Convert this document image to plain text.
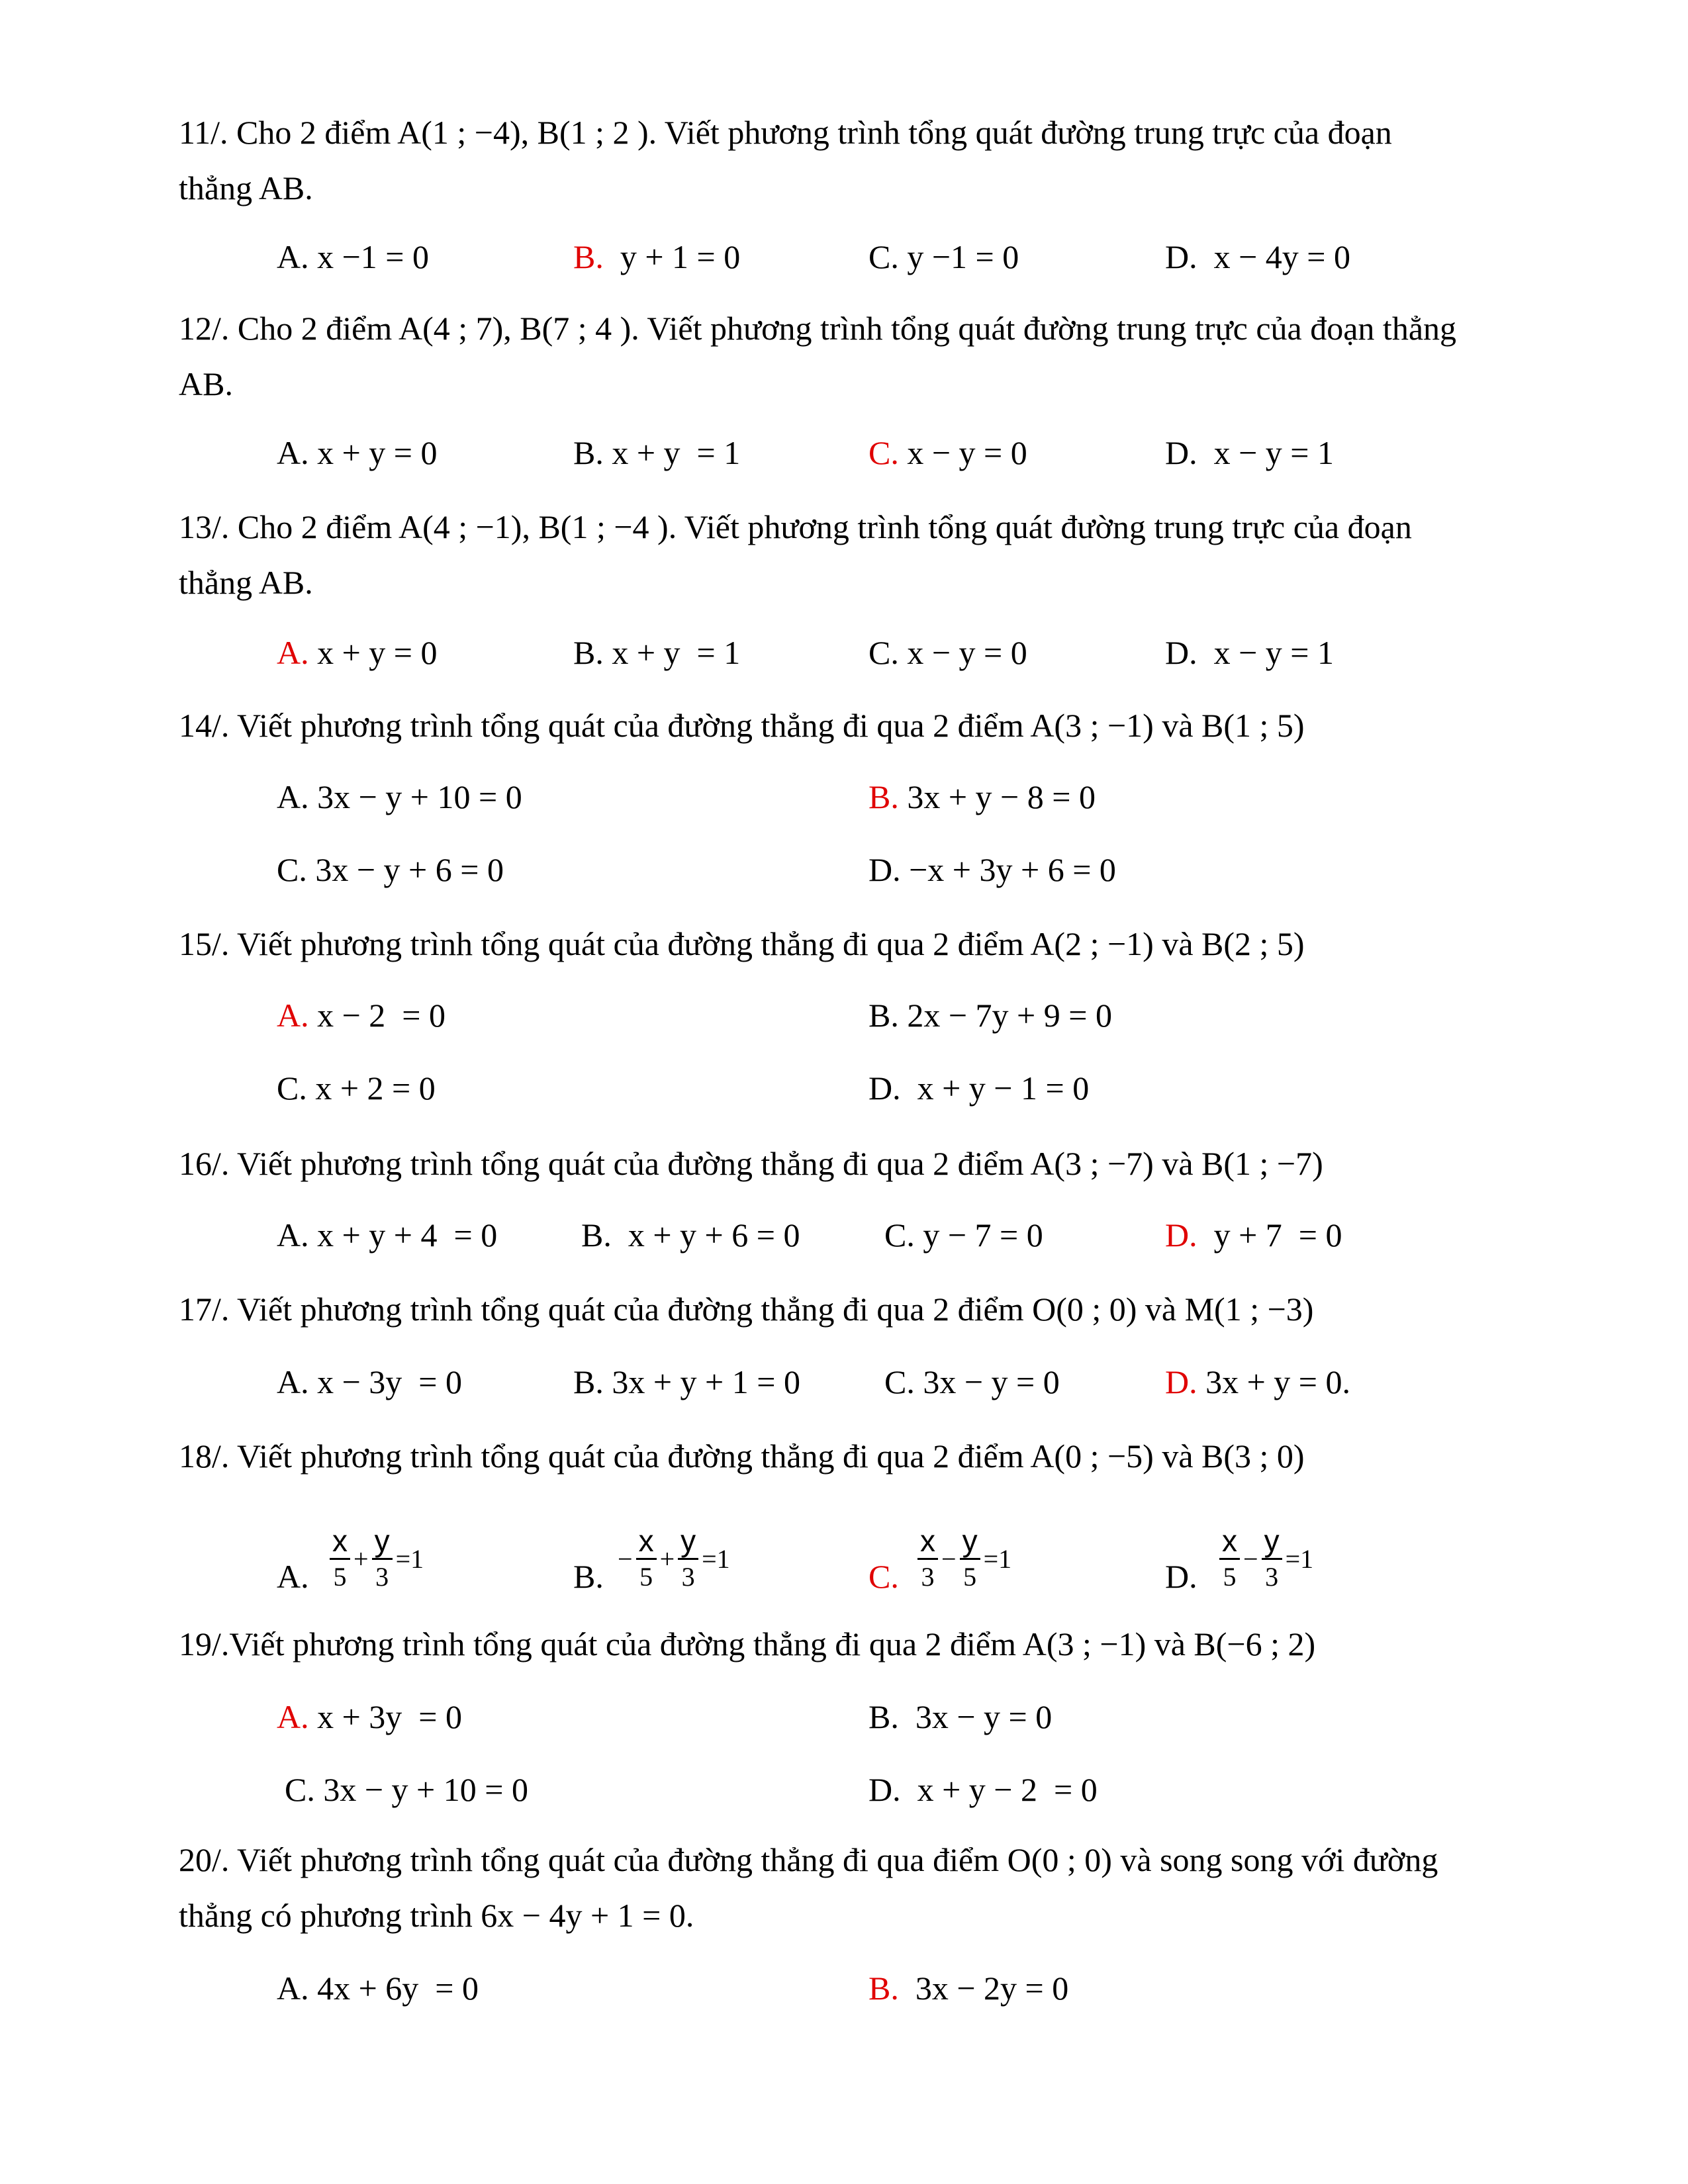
11/. Cho 2 điểm A(1 ; −4), B(1 ; 2 ). Viết phương trình tổng quát đường trung trực của đoạn
thẳng AB.
A. x −1 = 0	B.  y + 1 = 0	C. y −1 = 0	D.  x − 4y = 0
12/. Cho 2 điểm A(4 ; 7), B(7 ; 4 ). Viết phương trình tổng quát đường trung trực của đoạn thẳng
AB.
A. x + y = 0	B. x + y  = 1	C. x − y = 0	D.  x − y = 1
13/. Cho 2 điểm A(4 ; −1), B(1 ; −4 ). Viết phương trình tổng quát đường trung trực của đoạn
thẳng AB.
A. x + y = 0	B. x + y  = 1	C. x − y = 0	D.  x − y = 1
14/. Viết phương trình tổng quát của đường thẳng đi qua 2 điểm A(3 ; −1) và B(1 ; 5)
A. 3x − y + 10 = 0	B. 3x + y − 8 = 0
C. 3x − y + 6 = 0	D. −x + 3y + 6 = 0
15/. Viết phương trình tổng quát của đường thẳng đi qua 2 điểm A(2 ; −1) và B(2 ; 5)
A. x − 2  = 0	B. 2x − 7y + 9 = 0
C. x + 2 = 0	D.  x + y − 1 = 0
16/. Viết phương trình tổng quát của đường thẳng đi qua 2 điểm A(3 ; −7) và B(1 ; −7)
A. x + y + 4  = 0	B.  x + y + 6 = 0	C. y − 7 = 0	D.  y + 7  = 0
17/. Viết phương trình tổng quát của đường thẳng đi qua 2 điểm O(0 ; 0) và M(1 ; −3)
A. x − 3y  = 0	B. 3x + y + 1 = 0	C. 3x − y = 0	D. 3x + y = 0.
18/. Viết phương trình tổng quát của đường thẳng đi qua 2 điểm A(0 ; −5) và B(3 ; 0)
A. $\frac{x}{5} + \frac{y}{3} =1$	B. − $\frac{x}{5} + \frac{y}{3} =1$	C. $\frac{x}{3} - \frac{y}{5} =1$	D. $\frac{x}{5} - \frac{y}{3} =1$
19/.Viết phương trình tổng quát của đường thẳng đi qua 2 điểm A(3 ; −1) và B(−6 ; 2)
A. x + 3y  = 0	B.  3x − y = 0
C. 3x − y + 10 = 0	D.  x + y − 2  = 0
20/. Viết phương trình tổng quát của đường thẳng đi qua điểm O(0 ; 0) và song song với đường
thẳng có phương trình 6x − 4y + 1 = 0.
A. 4x + 6y  = 0	B.  3x − 2y = 0
